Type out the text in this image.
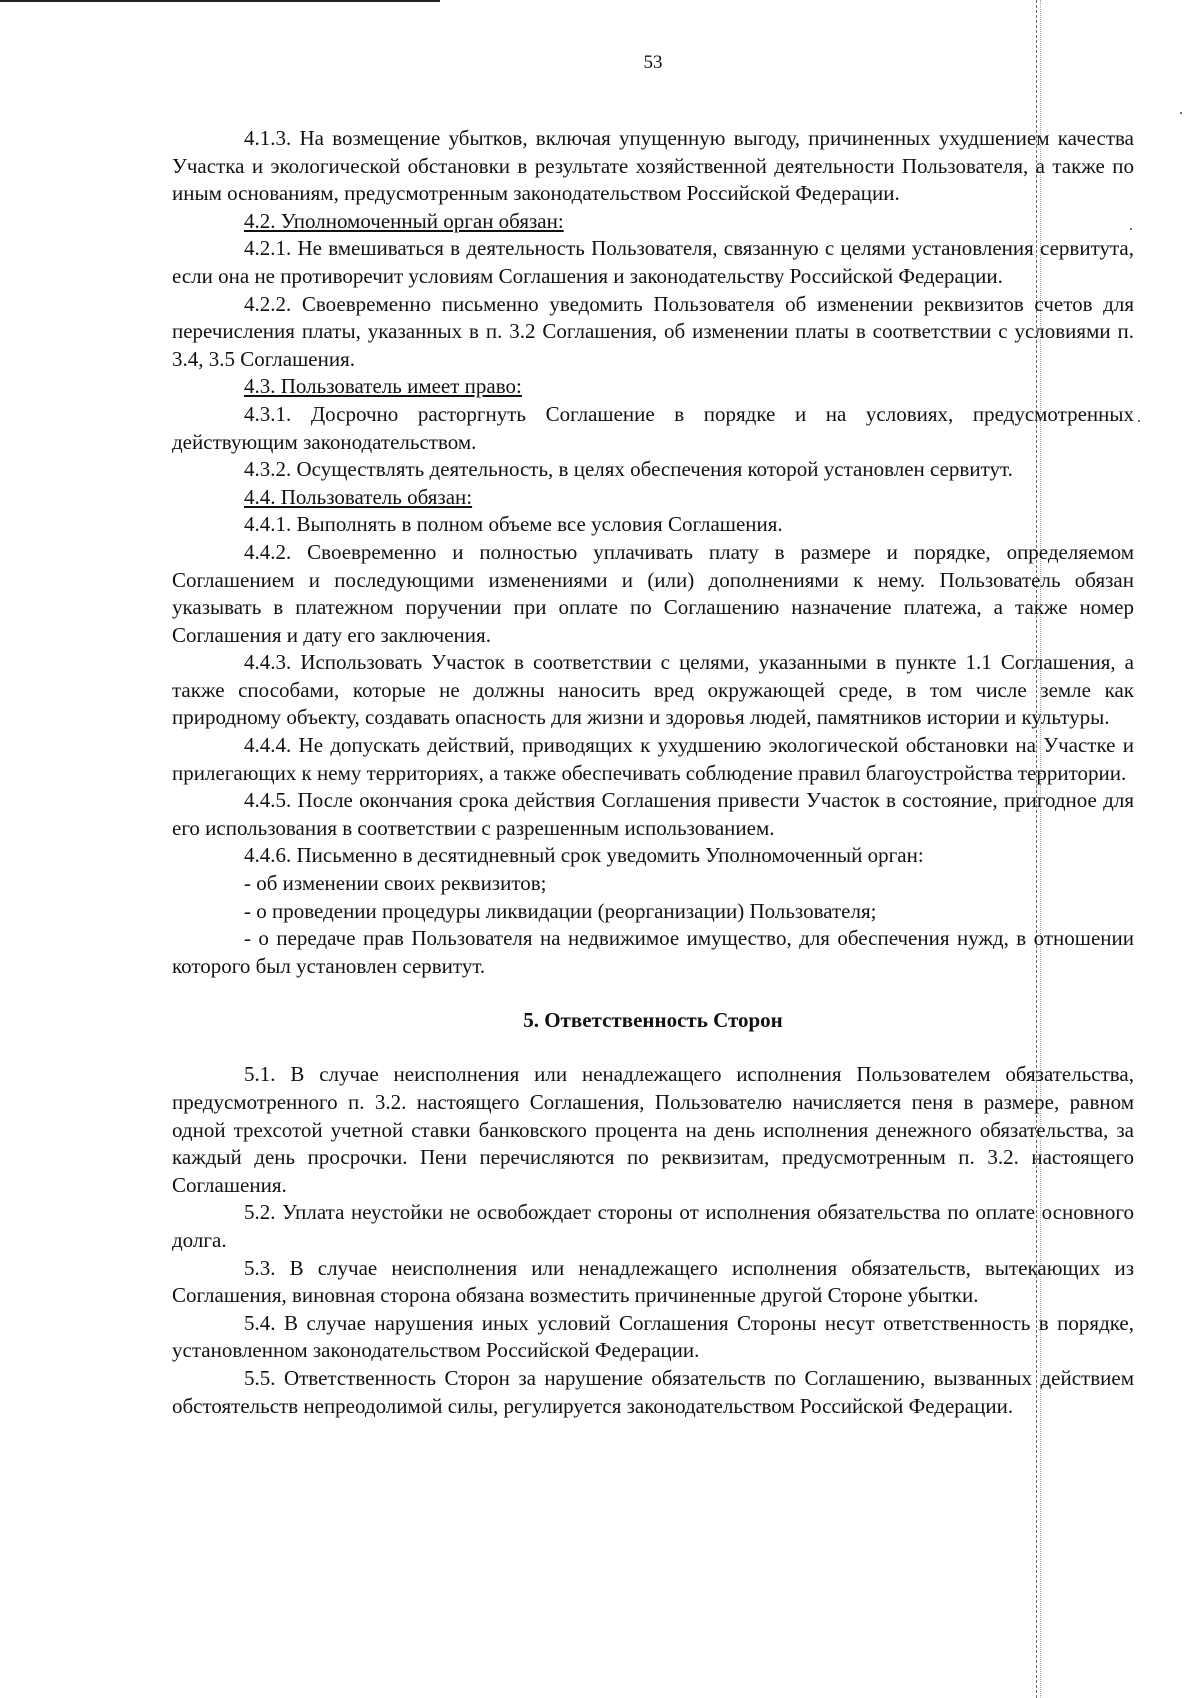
53

4.1.3. На возмещение убытков, включая упущенную выгоду, причиненных ухудшением качества Участка и экологической обстановки в результате хозяйственной деятельности Пользователя, а также по иным основаниям, предусмотренным законодательством Российской Федерации.

4.2. Уполномоченный орган обязан:

4.2.1. Не вмешиваться в деятельность Пользователя, связанную с целями установления сервитута, если она не противоречит условиям Соглашения и законодательству Российской Федерации.

4.2.2. Своевременно письменно уведомить Пользователя об изменении реквизитов счетов для перечисления платы, указанных в п. 3.2 Соглашения, об изменении платы в соответствии с условиями п. 3.4, 3.5 Соглашения.

4.3. Пользователь имеет право:

4.3.1. Досрочно расторгнуть Соглашение в порядке и на условиях, предусмотренных действующим законодательством.

4.3.2. Осуществлять деятельность, в целях обеспечения которой установлен сервитут.

4.4. Пользователь обязан:

4.4.1. Выполнять в полном объеме все условия Соглашения.

4.4.2. Своевременно и полностью уплачивать плату в размере и порядке, определяемом Соглашением и последующими изменениями и (или) дополнениями к нему. Пользователь обязан указывать в платежном поручении при оплате по Соглашению назначение платежа, а также номер Соглашения и дату его заключения.

4.4.3. Использовать Участок в соответствии с целями, указанными в пункте 1.1 Соглашения, а также способами, которые не должны наносить вред окружающей среде, в том числе земле как природному объекту, создавать опасность для жизни и здоровья людей, памятников истории и культуры.

4.4.4. Не допускать действий, приводящих к ухудшению экологической обстановки на Участке и прилегающих к нему территориях, а также обеспечивать соблюдение правил благоустройства территории.

4.4.5. После окончания срока действия Соглашения привести Участок в состояние, пригодное для его использования в соответствии с разрешенным использованием.

4.4.6. Письменно в десятидневный срок уведомить Уполномоченный орган:

- об изменении своих реквизитов;

- о проведении процедуры ликвидации (реорганизации) Пользователя;

- о передаче прав Пользователя на недвижимое имущество, для обеспечения нужд, в отношении которого был установлен сервитут.

5. Ответственность Сторон

5.1. В случае неисполнения или ненадлежащего исполнения Пользователем обязательства, предусмотренного п. 3.2. настоящего Соглашения, Пользователю начисляется пеня в размере, равном одной трехсотой учетной ставки банковского процента на день исполнения денежного обязательства, за каждый день просрочки. Пени перечисляются по реквизитам, предусмотренным п. 3.2. настоящего Соглашения.

5.2. Уплата неустойки не освобождает стороны от исполнения обязательства по оплате основного долга.

5.3. В случае неисполнения или ненадлежащего исполнения обязательств, вытекающих из Соглашения, виновная сторона обязана возместить причиненные другой Стороне убытки.

5.4. В случае нарушения иных условий Соглашения Стороны несут ответственность в порядке, установленном законодательством Российской Федерации.

5.5. Ответственность Сторон за нарушение обязательств по Соглашению, вызванных действием обстоятельств непреодолимой силы, регулируется законодательством Российской Федерации.
